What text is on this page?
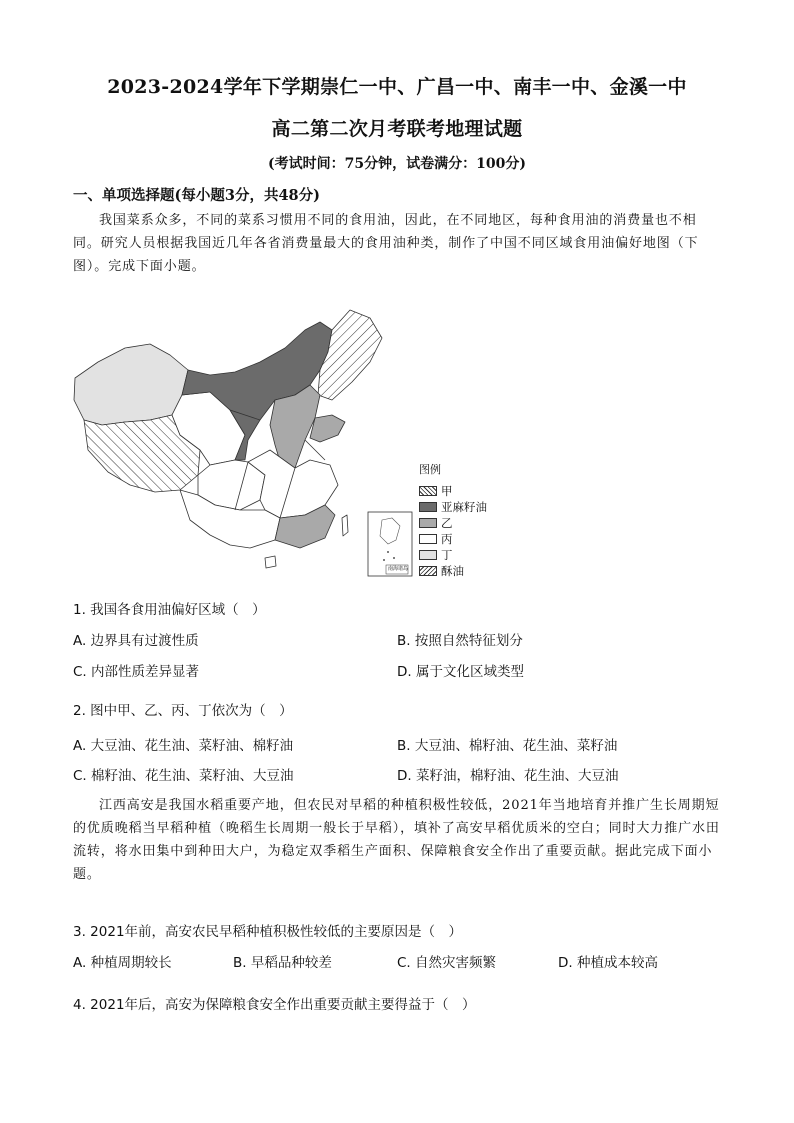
2023-2024学年下学期崇仁一中、广昌一中、南丰一中、金溪一中
高二第二次月考联考地理试题
(考试时间：75分钟，试卷满分：100分)
一、单项选择题(每小题3分，共48分)
我国菜系众多，不同的菜系习惯用不同的食用油，因此，在不同地区，每种食用油的消费量也不相
同。研究人员根据我国近几年各省消费量最大的食用油种类，制作了中国不同区域食用油偏好地图（下
图）。完成下面小题。
南海诸岛
图例
甲
亚麻籽油
乙
丙
丁
酥油
1. 我国各食用油偏好区域（　）
A. 边界具有过渡性质	B. 按照自然特征划分
C. 内部性质差异显著	D. 属于文化区域类型
2. 图中甲、乙、丙、丁依次为（　）
A. 大豆油、花生油、菜籽油、棉籽油	B. 大豆油、棉籽油、花生油、菜籽油
C. 棉籽油、花生油、菜籽油、大豆油	D. 菜籽油，棉籽油、花生油、大豆油
江西高安是我国水稻重要产地，但农民对早稻的种植积极性较低，2021年当地培育并推广生长周期短
的优质晚稻当早稻种植（晚稻生长周期一般长于早稻），填补了高安早稻优质米的空白；同时大力推广水田
流转，将水田集中到种田大户，为稳定双季稻生产面积、保障粮食安全作出了重要贡献。据此完成下面小
题。
3. 2021年前，高安农民早稻种植积极性较低的主要原因是（　）
A. 种植周期较长	B. 早稻品种较差	C. 自然灾害频繁	D. 种植成本较高
4. 2021年后，高安为保障粮食安全作出重要贡献主要得益于（　）
